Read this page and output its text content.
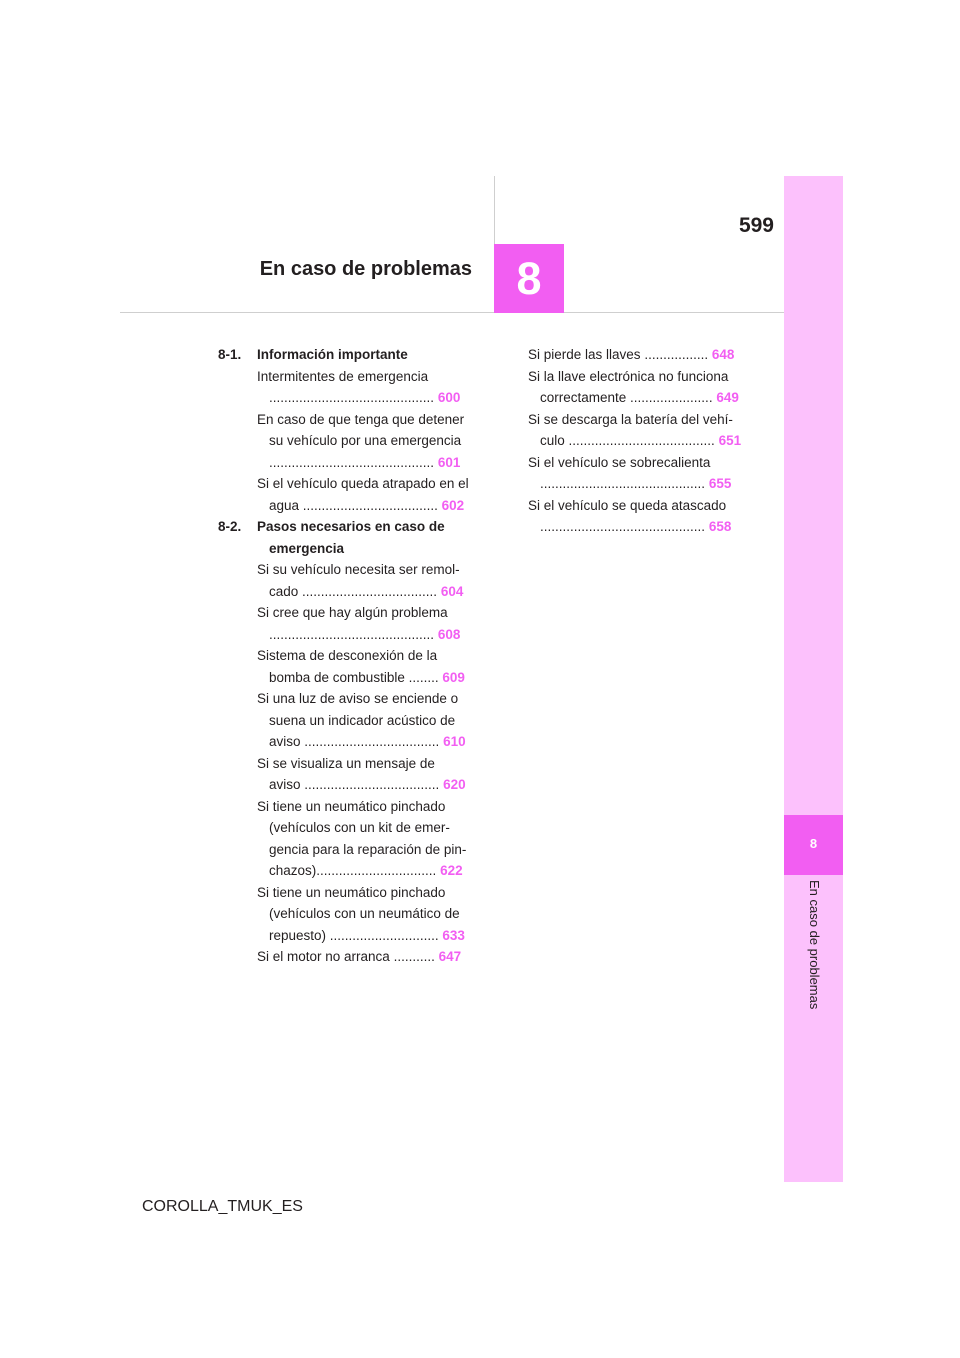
8
En caso de problemas
599
En caso de problemas 8
8-1.	Información importante
Intermitentes de emergencia
............................................ 600
En caso de que tenga que detener
su vehículo por una emergencia
............................................ 601
Si el vehículo queda atrapado en el
agua .................................... 602
8-2.	Pasos necesarios en caso de
emergencia
Si su vehículo necesita ser remol-
cado .................................... 604
Si cree que hay algún problema
............................................ 608
Sistema de desconexión de la
bomba de combustible ........ 609
Si una luz de aviso se enciende o
suena un indicador acústico de
aviso .................................... 610
Si se visualiza un mensaje de
aviso .................................... 620
Si tiene un neumático pinchado
(vehículos con un kit de emer-
gencia para la reparación de pin-
chazos)................................ 622
Si tiene un neumático pinchado
(vehículos con un neumático de
repuesto) ............................. 633
Si el motor no arranca ........... 647
Si pierde las llaves ................. 648
Si la llave electrónica no funciona
correctamente ...................... 649
Si se descarga la batería del vehí-
culo ....................................... 651
Si el vehículo se sobrecalienta
............................................ 655
Si el vehículo se queda atascado
............................................ 658
COROLLA_TMUK_ES
